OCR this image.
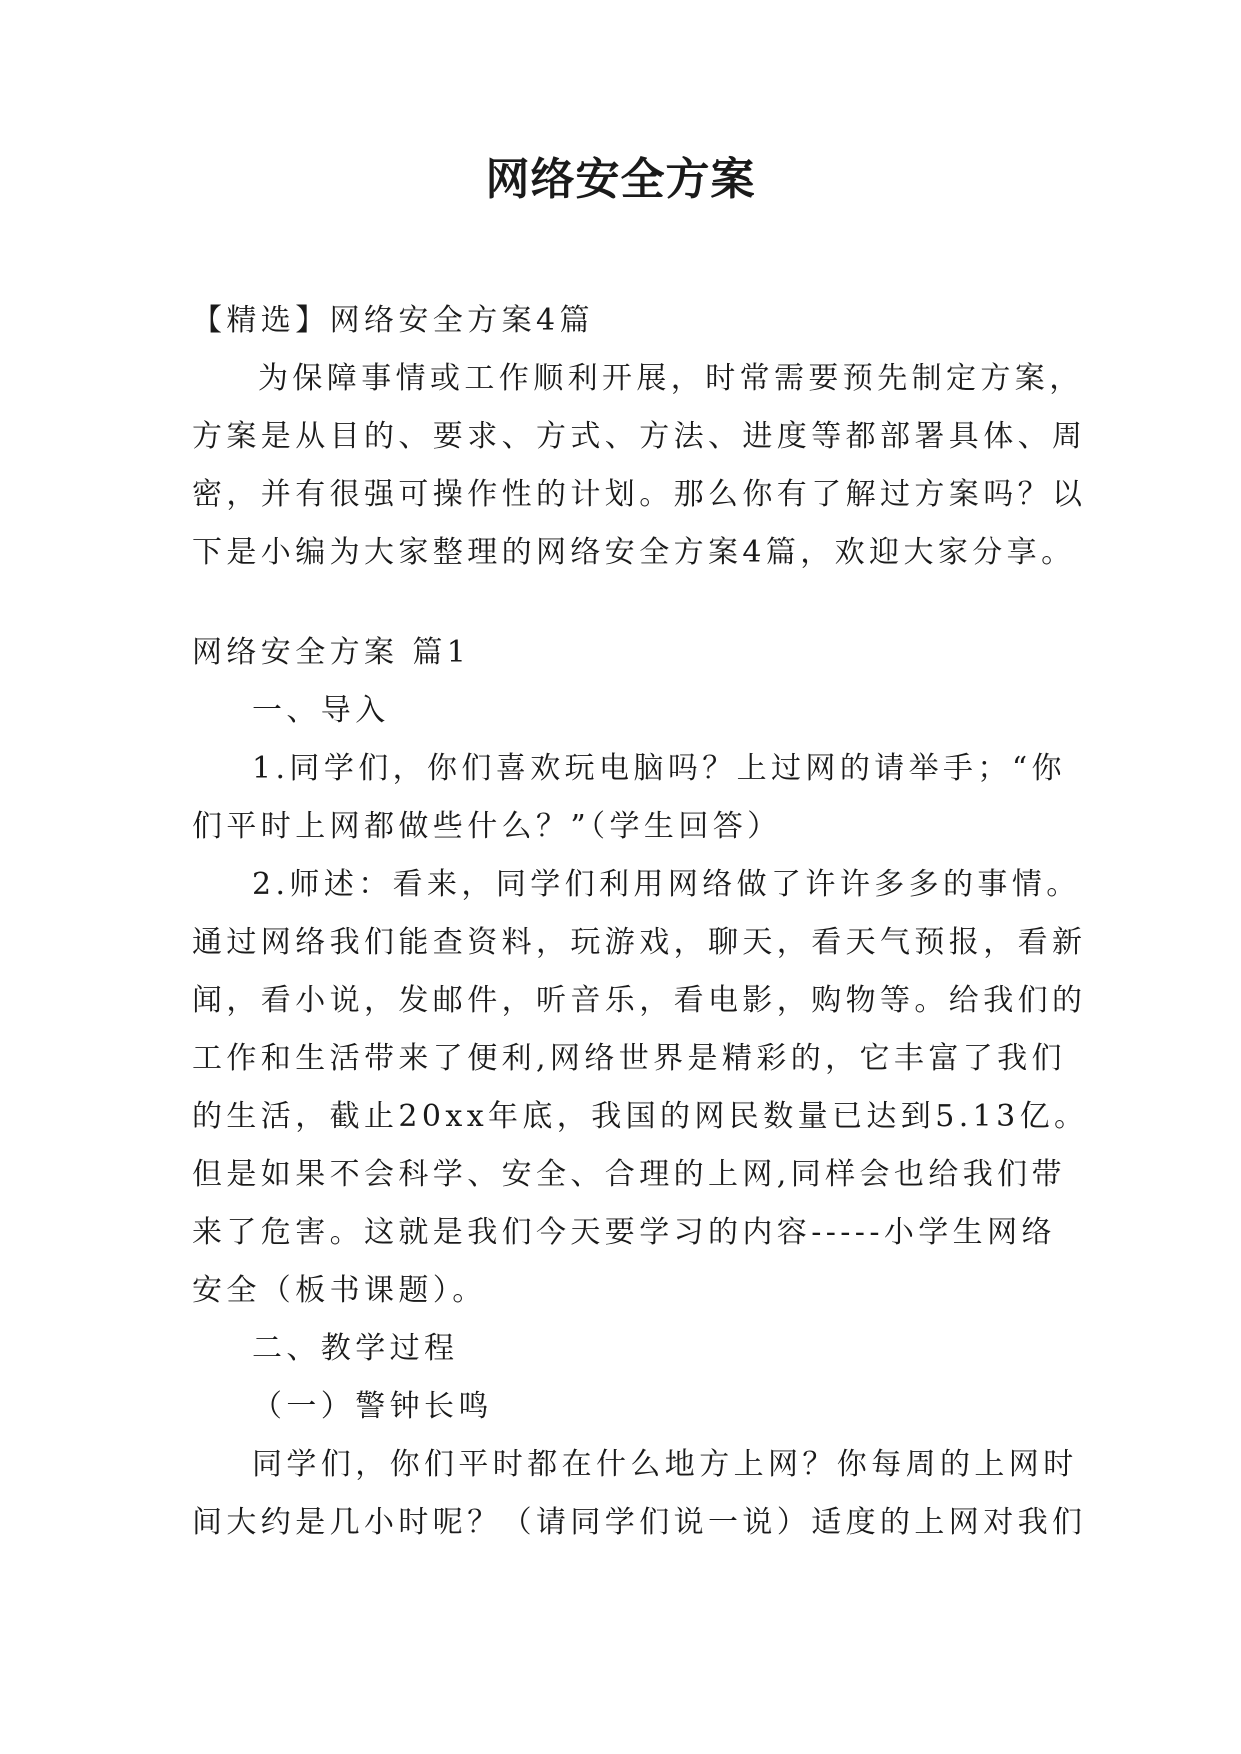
网络安全方案
【精选】网络安全方案4篇
为保障事情或工作顺利开展，时常需要预先制定方案，
方案是从目的、要求、方式、方法、进度等都部署具体、周
密，并有很强可操作性的计划。那么你有了解过方案吗？以
下是小编为大家整理的网络安全方案4篇，欢迎大家分享。
网络安全方案 篇1
一、导入
1.同学们，你们喜欢玩电脑吗？上过网的请举手；“你
们平时上网都做些什么？”（学生回答）
2.师述：看来，同学们利用网络做了许许多多的事情。
通过网络我们能查资料，玩游戏，聊天，看天气预报，看新
闻，看小说，发邮件，听音乐，看电影，购物等。给我们的
工作和生活带来了便利,网络世界是精彩的，它丰富了我们
的生活，截止20xx年底，我国的网民数量已达到5.13亿。
但是如果不会科学、安全、合理的上网,同样会也给我们带
来了危害。这就是我们今天要学习的内容-----小学生网络
安全（板书课题）。
二、教学过程
（一）警钟长鸣
同学们，你们平时都在什么地方上网？你每周的上网时
间大约是几小时呢？（请同学们说一说）适度的上网对我们
